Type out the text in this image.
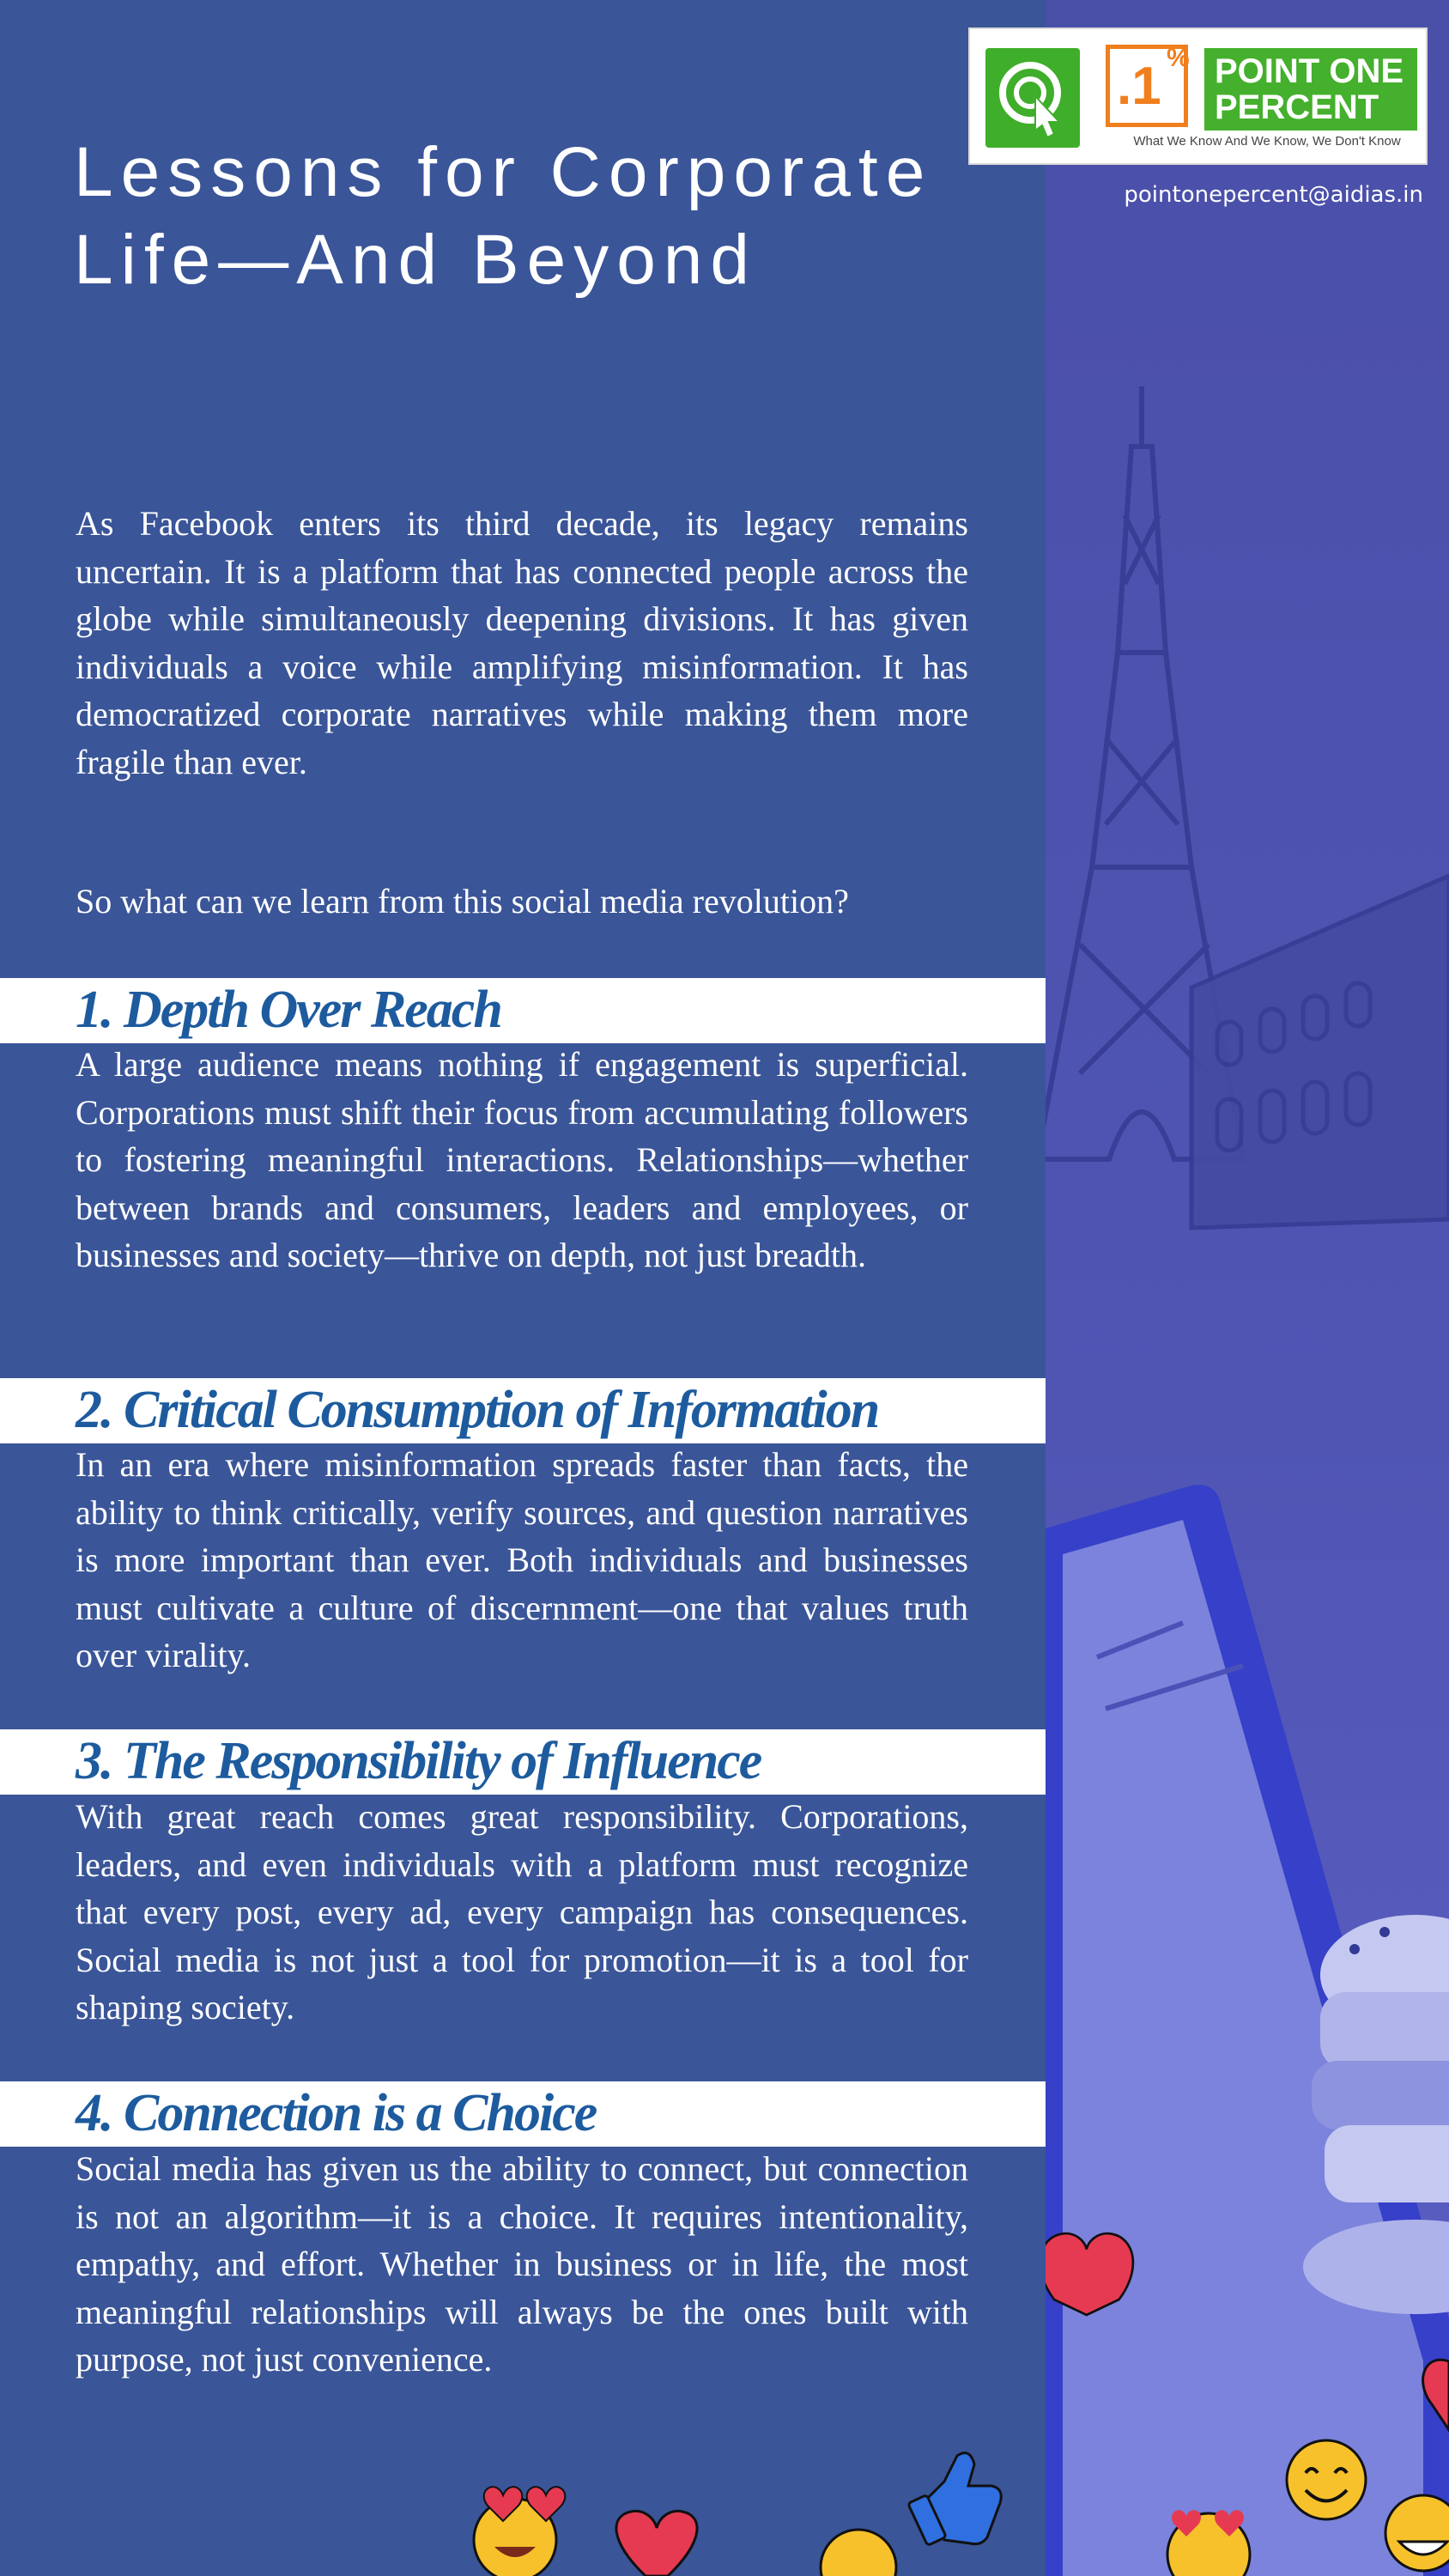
.1 % POINT ONE
PERCENT
What We Know And We Know, We Don't Know
pointonepercent@aidias.in
Lessons for Corporate Life—And Beyond

As Facebook enters its third decade, its legacy remains uncertain. It is a platform that has connected people across the globe while simultaneously deepening divisions. It has given individuals a voice while amplifying misinformation. It has democratized corporate narratives while making them more fragile than ever.

So what can we learn from this social media revolution?

1. Depth Over Reach

A large audience means nothing if engagement is superficial. Corporations must shift their focus from accumulating followers to fostering meaningful interactions. Relationships—whether between brands and consumers, leaders and employees, or businesses and society—thrive on depth, not just breadth.

2. Critical Consumption of Information

In an era where misinformation spreads faster than facts, the ability to think critically, verify sources, and question narratives is more important than ever. Both individuals and businesses must cultivate a culture of discernment—one that values truth over virality.

3. The Responsibility of Influence

With great reach comes great responsibility. Corporations, leaders, and even individuals with a platform must recognize that every post, every ad, every campaign has consequences. Social media is not just a tool for promotion—it is a tool for shaping society.

4. Connection is a Choice

Social media has given us the ability to connect, but connection is not an algorithm—it is a choice. It requires intentionality, empathy, and effort. Whether in business or in life, the most meaningful relationships will always be the ones built with purpose, not just convenience.
